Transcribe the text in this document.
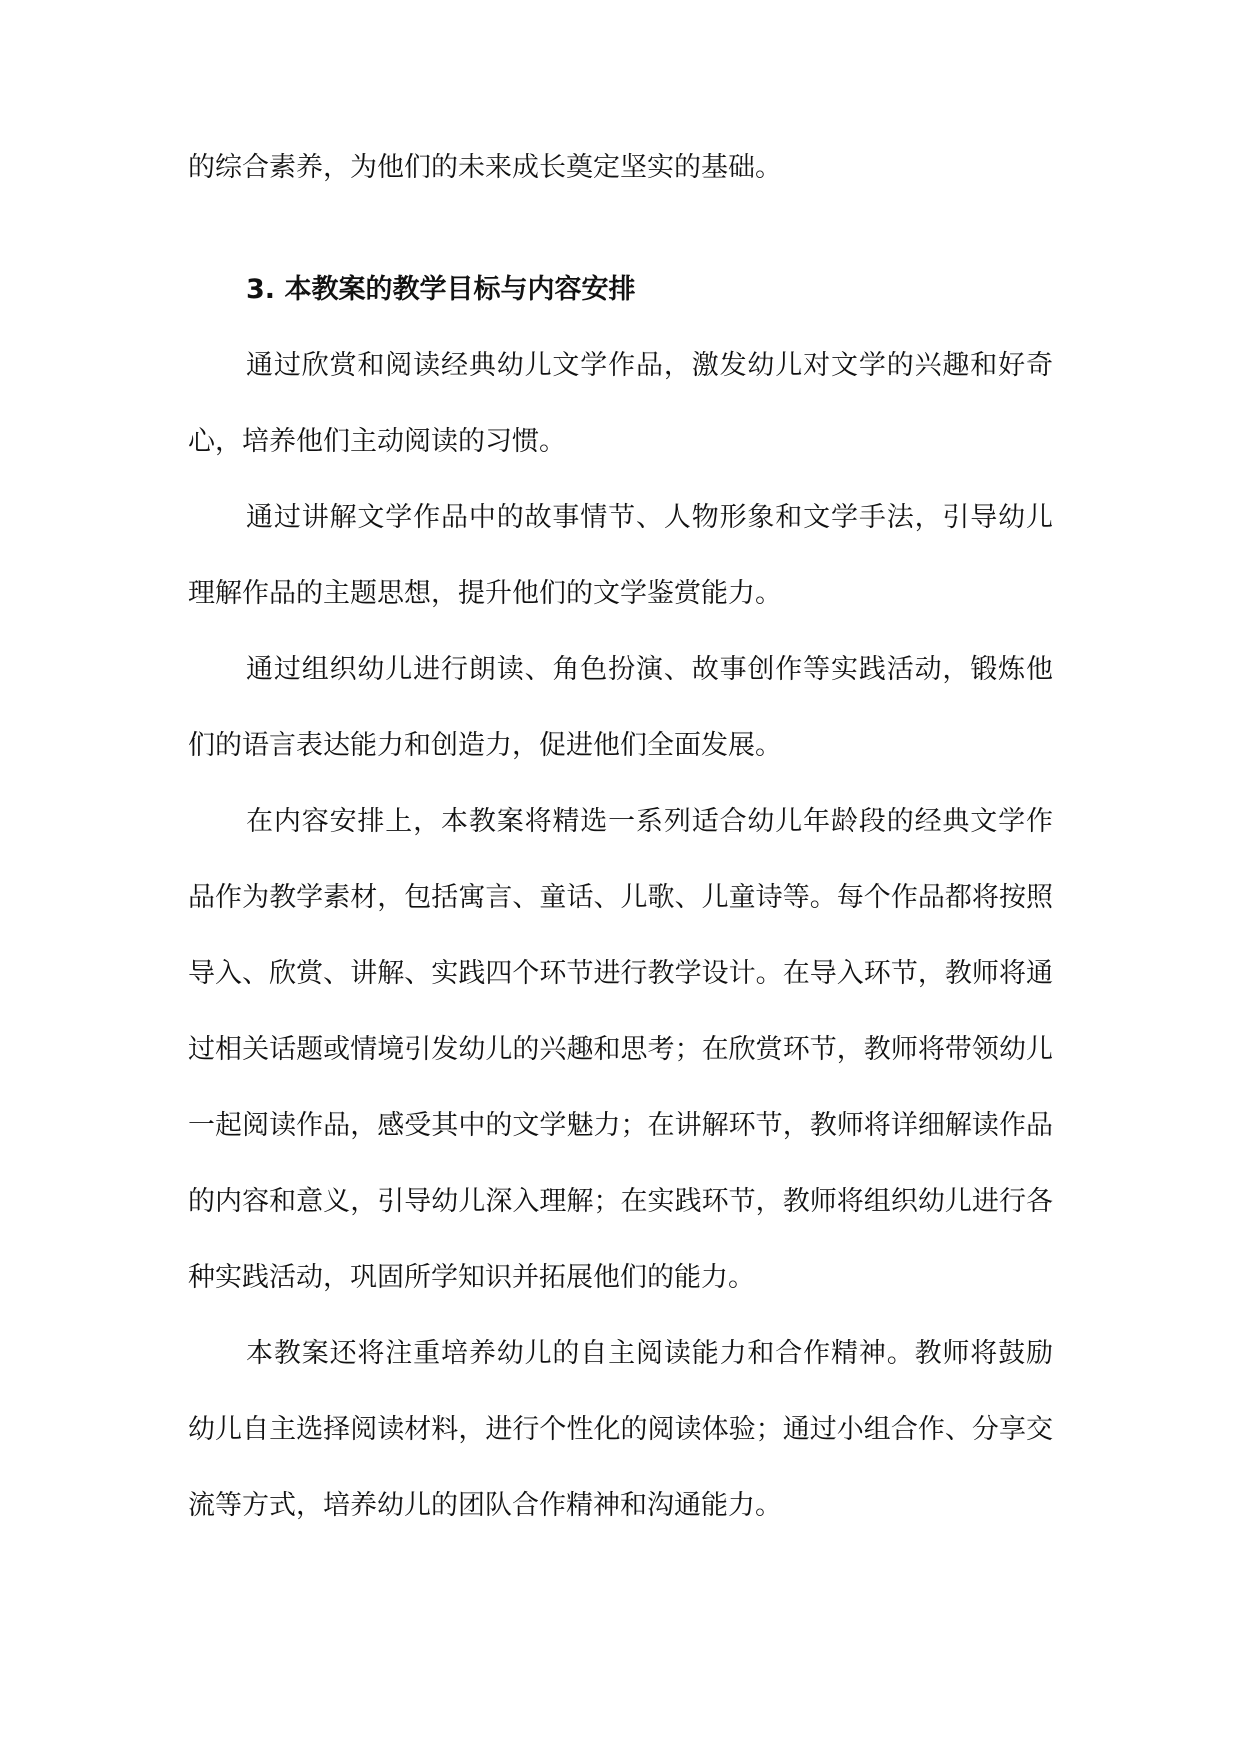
的综合素养，为他们的未来成长奠定坚实的基础。

3. 本教案的教学目标与内容安排

通过欣赏和阅读经典幼儿文学作品，激发幼儿对文学的兴趣和好奇心，培养他们主动阅读的习惯。

通过讲解文学作品中的故事情节、人物形象和文学手法，引导幼儿理解作品的主题思想，提升他们的文学鉴赏能力。

通过组织幼儿进行朗读、角色扮演、故事创作等实践活动，锻炼他们的语言表达能力和创造力，促进他们全面发展。

在内容安排上，本教案将精选一系列适合幼儿年龄段的经典文学作品作为教学素材，包括寓言、童话、儿歌、儿童诗等。每个作品都将按照导入、欣赏、讲解、实践四个环节进行教学设计。在导入环节，教师将通过相关话题或情境引发幼儿的兴趣和思考；在欣赏环节，教师将带领幼儿一起阅读作品，感受其中的文学魅力；在讲解环节，教师将详细解读作品的内容和意义，引导幼儿深入理解；在实践环节，教师将组织幼儿进行各种实践活动，巩固所学知识并拓展他们的能力。

本教案还将注重培养幼儿的自主阅读能力和合作精神。教师将鼓励幼儿自主选择阅读材料，进行个性化的阅读体验；通过小组合作、分享交流等方式，培养幼儿的团队合作精神和沟通能力。
